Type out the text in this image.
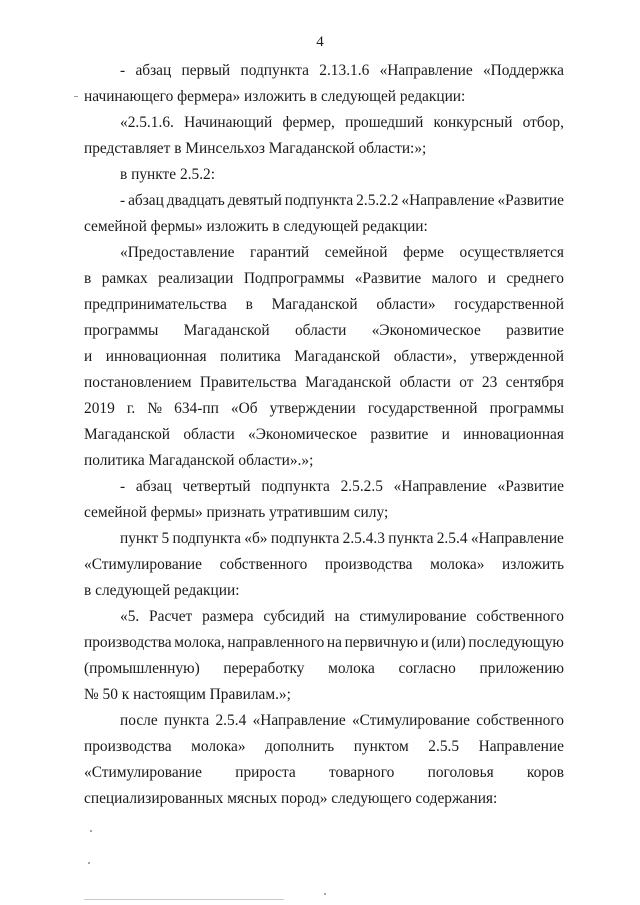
4
- абзац первый подпункта 2.13.1.6 «Направление «Поддержка
начинающего фермера» изложить в следующей редакции:
«2.5.1.6. Начинающий фермер, прошедший конкурсный отбор,
представляет в Минсельхоз Магаданской области:»;
в пункте 2.5.2:
- абзац двадцать девятый подпункта 2.5.2.2 «Направление «Развитие
семейной фермы» изложить в следующей редакции:
«Предоставление гарантий семейной ферме осуществляется
в рамках реализации Подпрограммы «Развитие малого и среднего
предпринимательства в Магаданской области» государственной
программы Магаданской области «Экономическое развитие
и инновационная политика Магаданской области», утвержденной
постановлением Правительства Магаданской области от 23 сентября
2019 г. № 634-пп «Об утверждении государственной программы
Магаданской области «Экономическое развитие и инновационная
политика Магаданской области».»;
- абзац четвертый подпункта 2.5.2.5 «Направление «Развитие
семейной фермы» признать утратившим силу;
пункт 5 подпункта «б» подпункта 2.5.4.3 пункта 2.5.4 «Направление
«Стимулирование собственного производства молока» изложить
в следующей редакции:
«5. Расчет размера субсидий на стимулирование собственного
производства молока, направленного на первичную и (или) последующую
(промышленную) переработку молока согласно приложению
№ 50 к настоящим Правилам.»;
после пункта 2.5.4 «Направление «Стимулирование собственного
производства молока» дополнить пунктом 2.5.5 Направление
«Стимулирование прироста товарного поголовья коров
специализированных мясных пород» следующего содержания:
